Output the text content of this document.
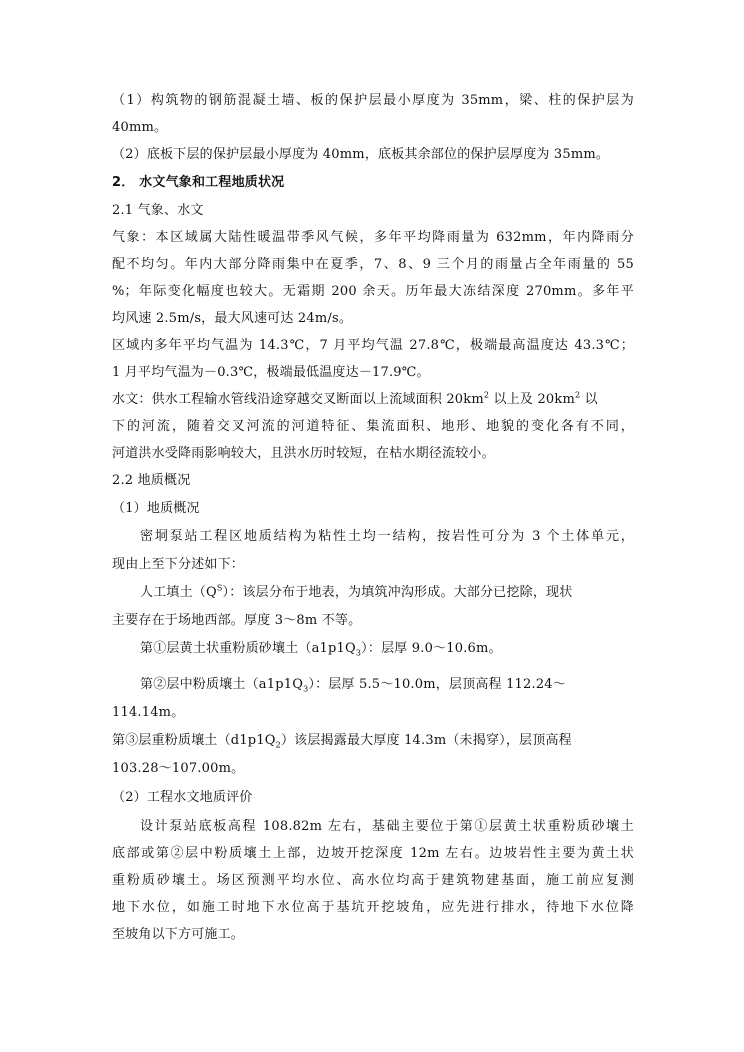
（1）构筑物的钢筋混凝土墙、板的保护层最小厚度为 35mm，梁、柱的保护层为
40mm。
（2）底板下层的保护层最小厚度为 40mm，底板其余部位的保护层厚度为 35mm。
2． 水文气象和工程地质状况
2.1 气象、水文
气象：本区域属大陆性暖温带季风气候，多年平均降雨量为 632mm，年内降雨分
配不均匀。年内大部分降雨集中在夏季，7、8、9 三个月的雨量占全年雨量的 55
%；年际变化幅度也较大。无霜期 200 余天。历年最大冻结深度 270mm。多年平
均风速 2.5m/s，最大风速可达 24m/s。
区域内多年平均气温为 14.3℃，7 月平均气温 27.8℃，极端最高温度达 43.3℃；
1 月平均气温为－0.3℃，极端最低温度达－17.9℃。
水文：供水工程输水管线沿途穿越交叉断面以上流域面积 $20km^2$ 以上及 $20km^2$ 以
下的河流，随着交叉河流的河道特征、集流面积、地形、地貌的变化各有不同，
河道洪水受降雨影响较大，且洪水历时较短，在枯水期径流较小。
2.2 地质概况
（1）地质概况
密垌泵站工程区地质结构为粘性土均一结构，按岩性可分为 3 个土体单元，
现由上至下分述如下：
人工填土$(Q^S)$：该层分布于地表，为填筑冲沟形成。大部分已挖除，现状
主要存在于场地西部。厚度 3～8m 不等。
第①层黄土状重粉质砂壤土$(a1p1Q_3)$：层厚 9.0～10.6m。
第②层中粉质壤土$(a1p1Q_3)$：层厚 5.5～10.0m，层顶高程 112.24～
114.14m。
第③层重粉质壤土$(d1p1Q_2)$该层揭露最大厚度 14.3m（未揭穿），层顶高程
103.28～107.00m。
（2）工程水文地质评价
设计泵站底板高程 108.82m 左右，基础主要位于第①层黄土状重粉质砂壤土
底部或第②层中粉质壤土上部，边坡开挖深度 12m 左右。边坡岩性主要为黄土状
重粉质砂壤土。场区预测平均水位、高水位均高于建筑物建基面，施工前应复测
地下水位，如施工时地下水位高于基坑开挖坡角，应先进行排水，待地下水位降
至坡角以下方可施工。
